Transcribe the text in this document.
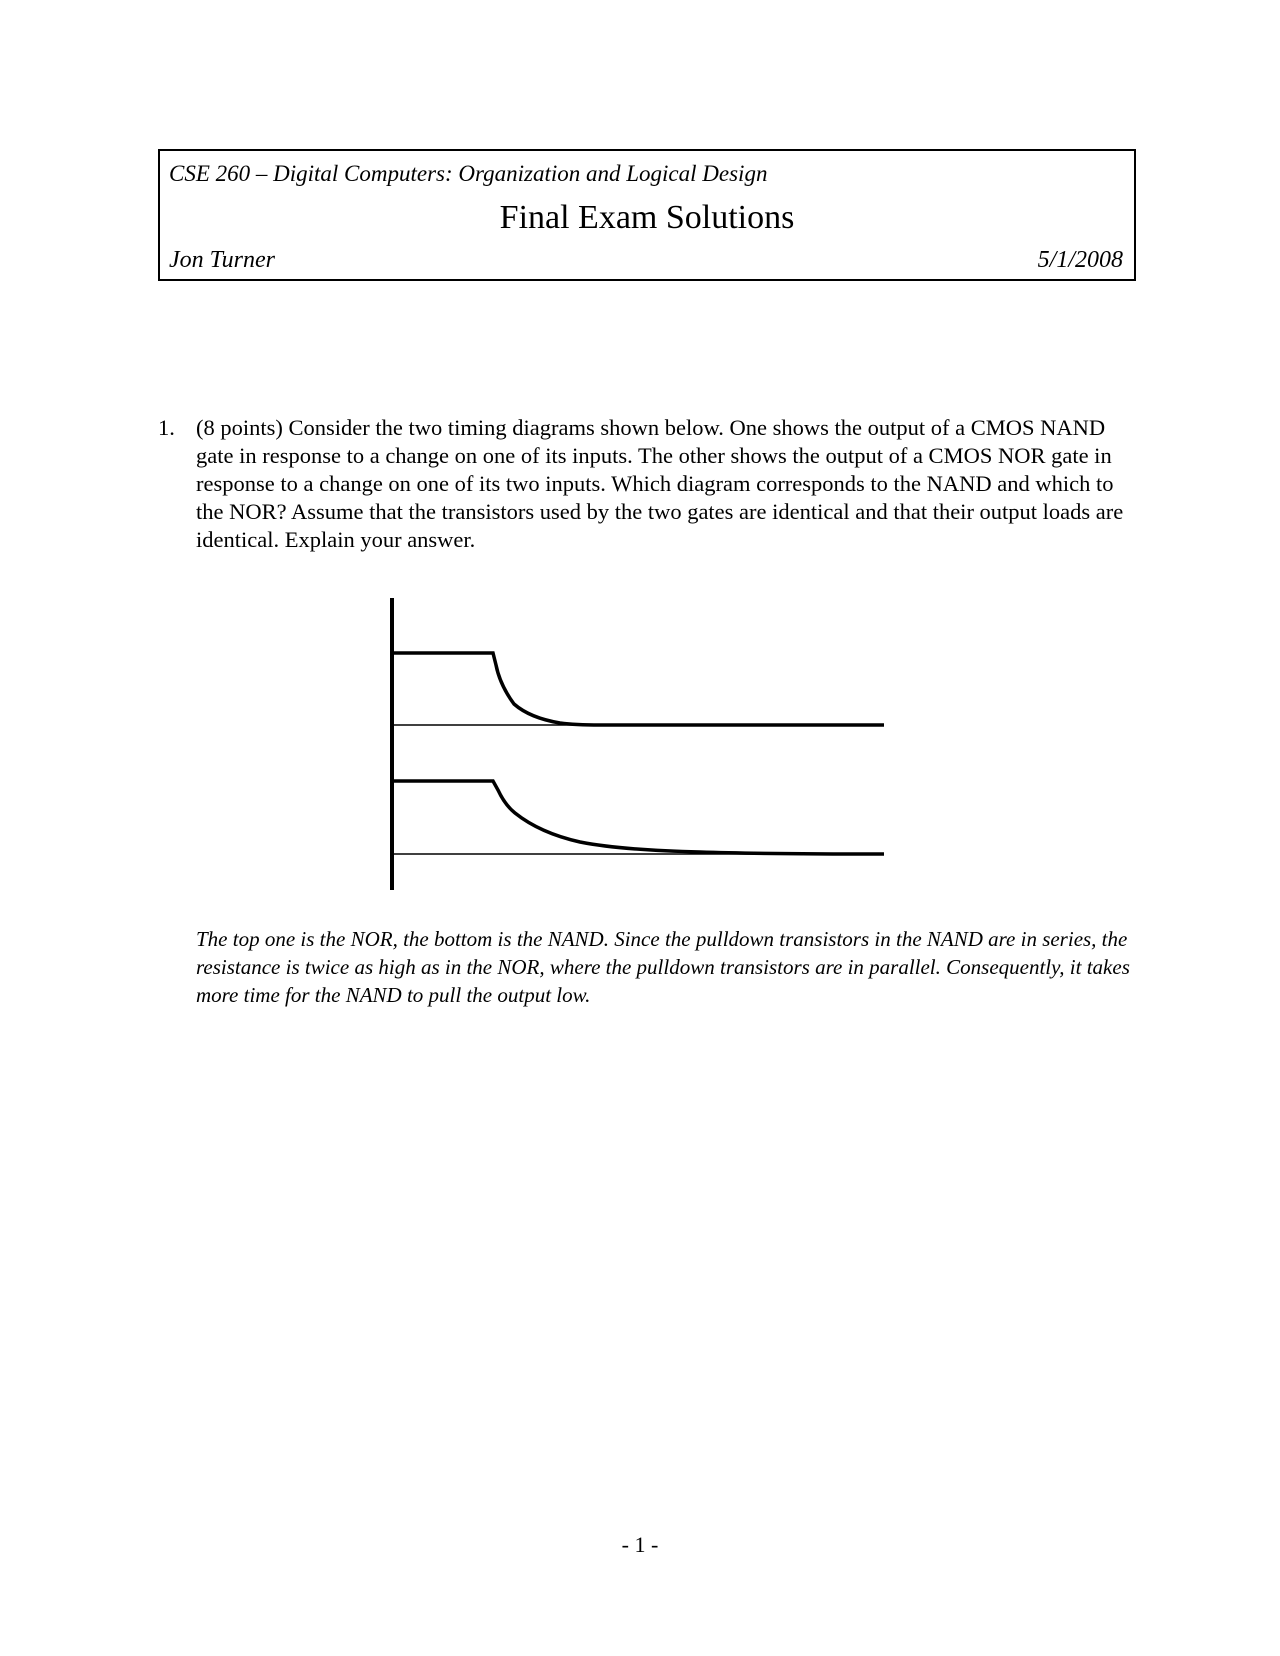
CSE 260 – Digital Computers: Organization and Logical Design
Final Exam Solutions
Jon Turner	5/1/2008
1. (8 points) Consider the two timing diagrams shown below. One shows the output of a CMOS NAND gate in response to a change on one of its inputs. The other shows the output of a CMOS NOR gate in response to a change on one of its two inputs. Which diagram corresponds to the NAND and which to the NOR? Assume that the transistors used by the two gates are identical and that their output loads are identical. Explain your answer.
The top one is the NOR, the bottom is the NAND. Since the pulldown transistors in the NAND are in series, the resistance is twice as high as in the NOR, where the pulldown transistors are in parallel. Consequently, it takes more time for the NAND to pull the output low.
- 1 -
